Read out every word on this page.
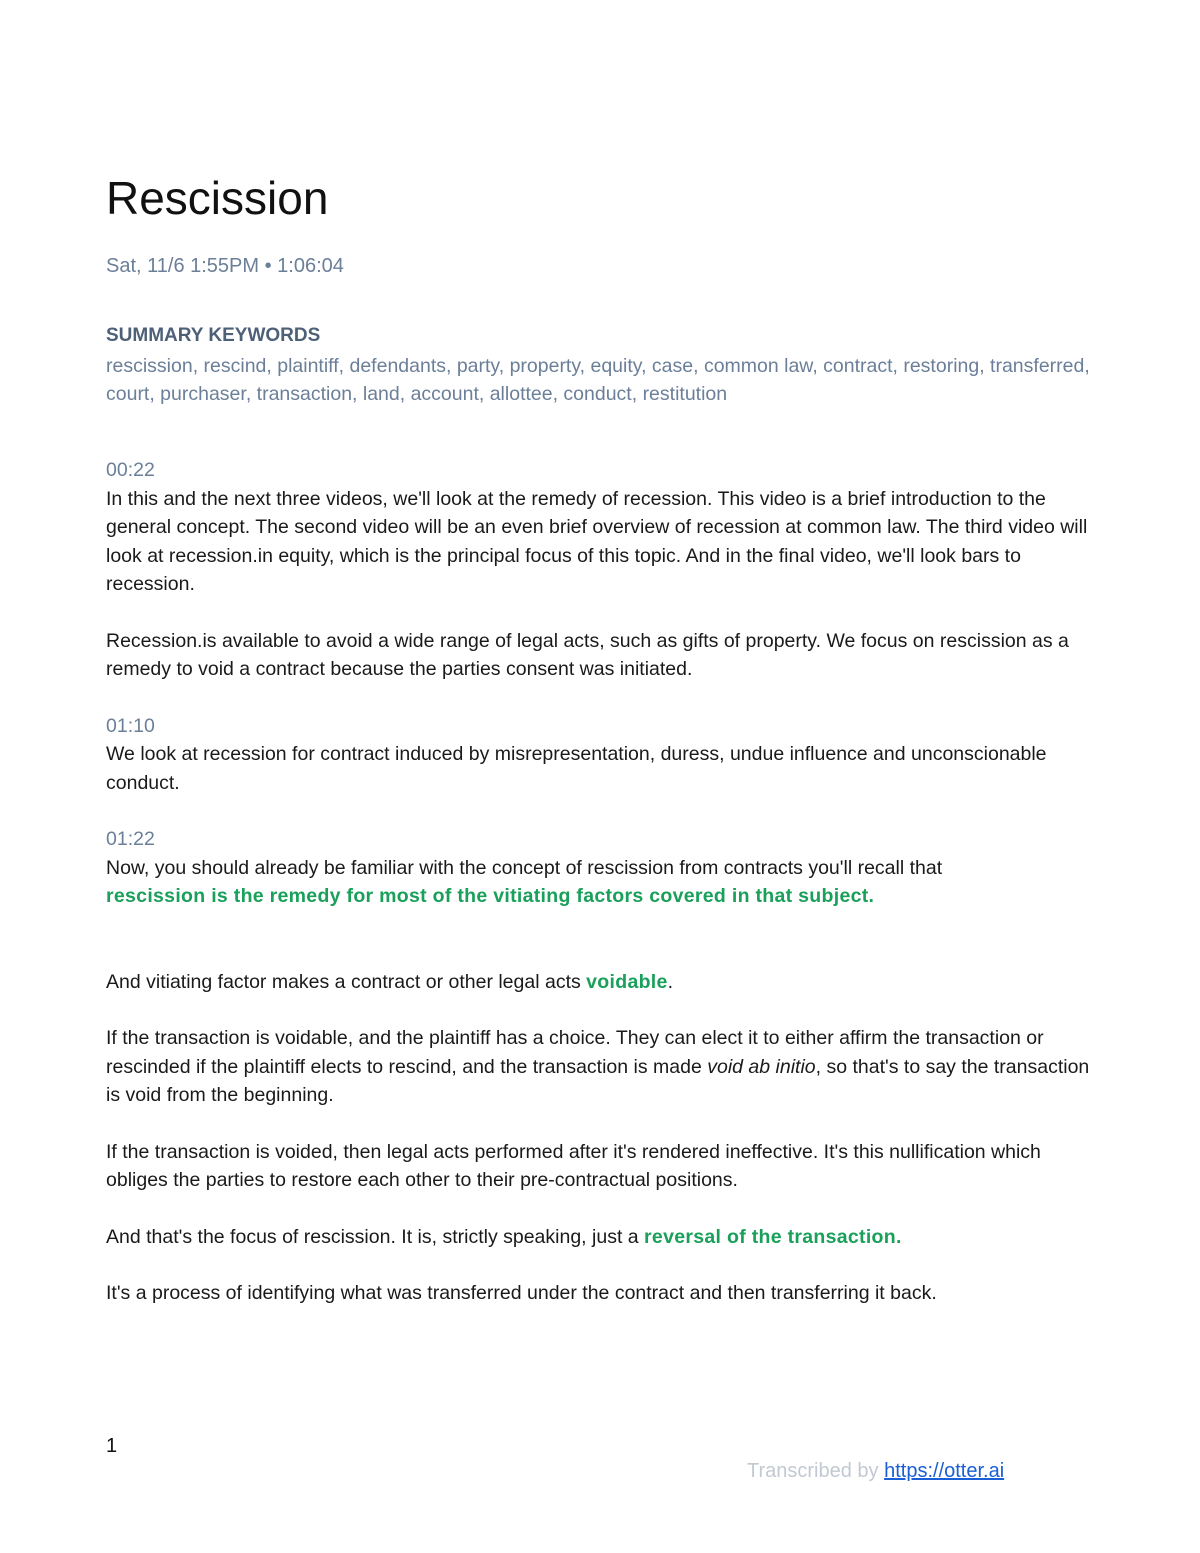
Rescission
Sat, 11/6 1:55PM • 1:06:04
SUMMARY KEYWORDS
rescission, rescind, plaintiff, defendants, party, property, equity, case, common law, contract, restoring, transferred, court, purchaser, transaction, land, account, allottee, conduct, restitution

00:22
In this and the next three videos, we'll look at the remedy of recession. This video is a brief introduction to the general concept. The second video will be an even brief overview of recession at common law. The third video will look at recession.in equity, which is the principal focus of this topic. And in the final video, we'll look bars to recession.

Recession.is available to avoid a wide range of legal acts, such as gifts of property. We focus on rescission as a remedy to void a contract because the parties consent was initiated.

01:10
We look at recession for contract induced by misrepresentation, duress, undue influence and unconscionable conduct.

01:22
Now, you should already be familiar with the concept of rescission from contracts you'll recall that
rescission is the remedy for most of the vitiating factors covered in that subject.

And vitiating factor makes a contract or other legal acts voidable.

If the transaction is voidable, and the plaintiff has a choice. They can elect it to either affirm the transaction or rescinded if the plaintiff elects to rescind, and the transaction is made void ab initio, so that's to say the transaction is void from the beginning.

If the transaction is voided, then legal acts performed after it's rendered ineffective. It's this nullification which obliges the parties to restore each other to their pre-contractual positions.

And that's the focus of rescission. It is, strictly speaking, just a reversal of the transaction.

It's a process of identifying what was transferred under the contract and then transferring it back.

1
Transcribed by https://otter.ai
